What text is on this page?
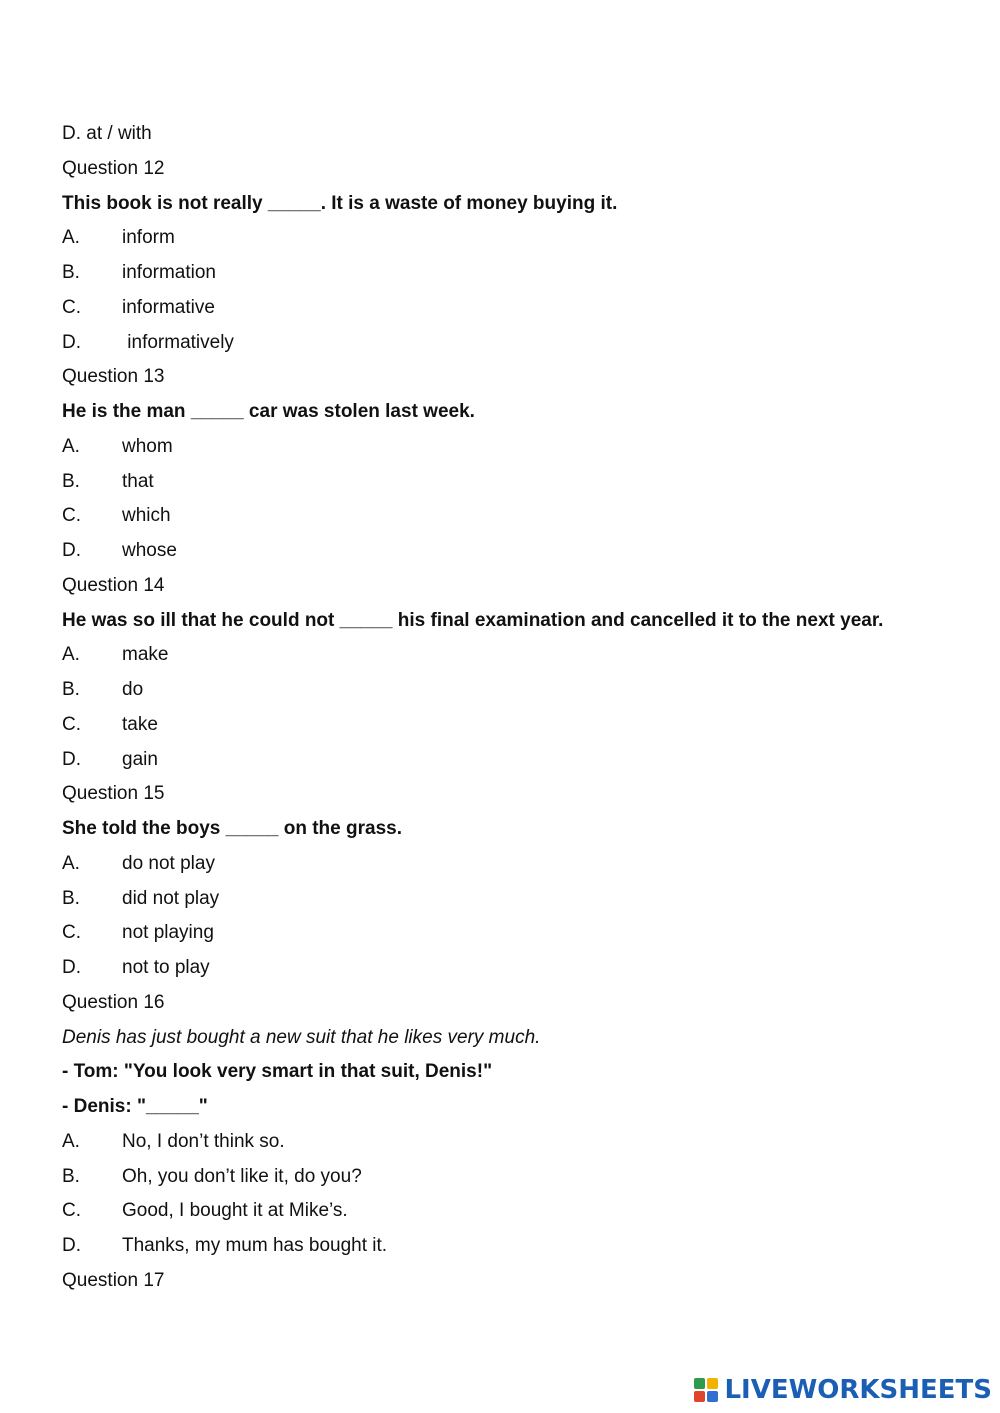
D. at / with
Question 12
This book is not really _____. It is a waste of money buying it.
A.	inform
B.	information
C.	informative
D.	informatively
Question 13
He is the man _____ car was stolen last week.
A.	whom
B.	that
C.	which
D.	whose
Question 14
He was so ill that he could not _____ his final examination and cancelled it to the next year.
A.	make
B.	do
C.	take
D.	gain
Question 15
She told the boys _____ on the grass.
A.	do not play
B.	did not play
C.	not playing
D.	not to play
Question 16
Denis has just bought a new suit that he likes very much.
- Tom: "You look very smart in that suit, Denis!"
- Denis: "_____"
A.	No, I don’t think so.
B.	Oh, you don’t like it, do you?
C.	Good, I bought it at Mike’s.
D.	Thanks, my mum has bought it.
Question 17
LIVEWORKSHEETS
